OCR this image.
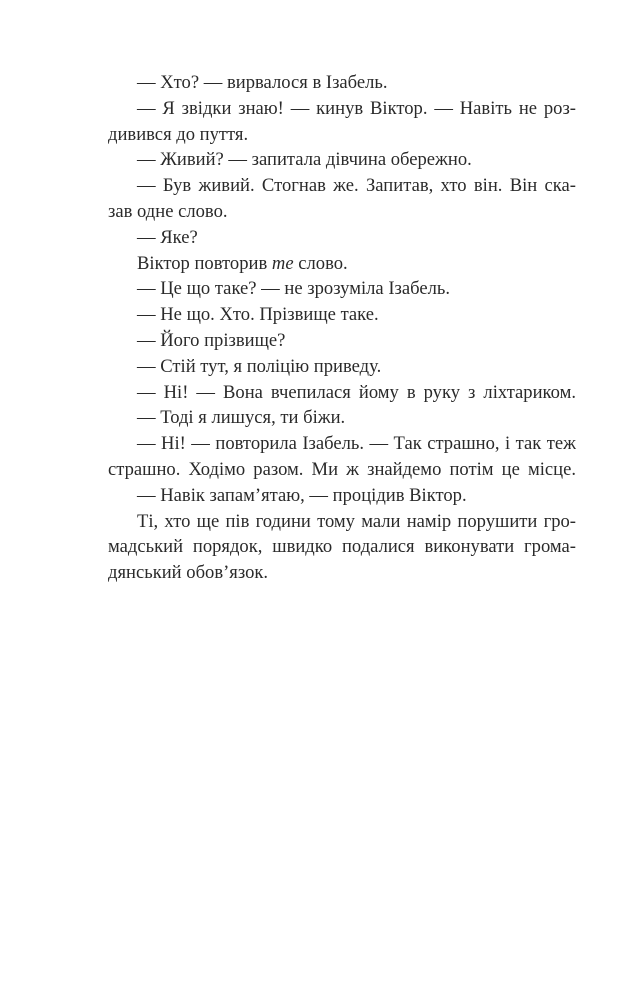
— Хто? — вирвалося в Ізабель.
— Я звідки знаю! — кинув Віктор. — Навіть не роз-
дивився до пуття.
— Живий? — запитала дівчина обережно.
— Був живий. Стогнав же. Запитав, хто він. Він ска-
зав одне слово.
— Яке?
Віктор повторив те слово.
— Це що таке? — не зрозуміла Ізабель.
— Не що. Хто. Прізвище таке.
— Його прізвище?
— Стій тут, я поліцію приведу.
— Ні! — Вона вчепилася йому в руку з ліхтариком.
— Тоді я лишуся, ти біжи.
— Ні! — повторила Ізабель. — Так страшно, і так теж
страшно. Ходімо разом. Ми ж знайдемо потім це місце.
— Навік запам’ятаю, — процідив Віктор.
Ті, хто ще пів години тому мали намір порушити гро-
мадський порядок, швидко подалися виконувати грома-
дянський обов’язок.
